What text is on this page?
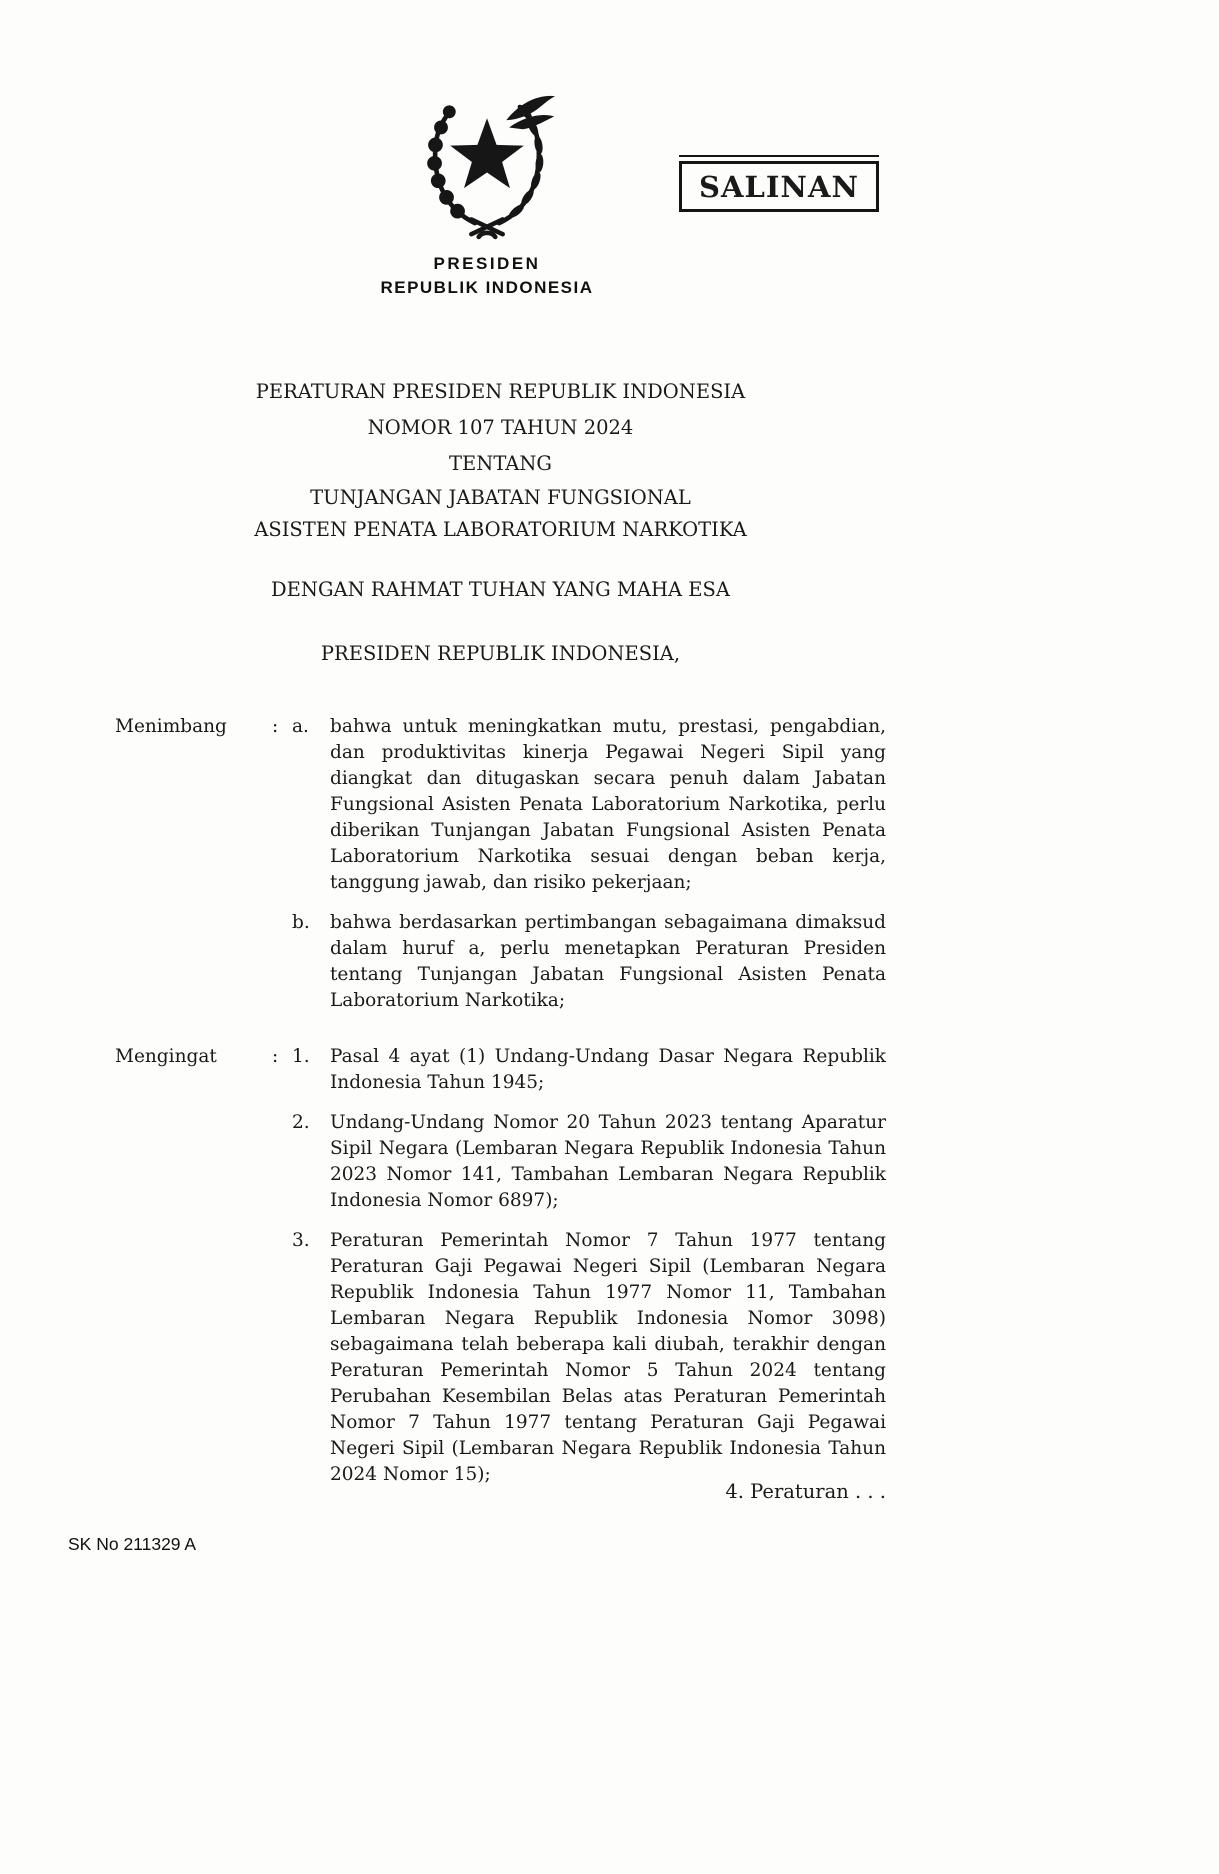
SALINAN
PRESIDEN
REPUBLIK INDONESIA
PERATURAN PRESIDEN REPUBLIK INDONESIA
NOMOR 107 TAHUN 2024
TENTANG
TUNJANGAN JABATAN FUNGSIONAL
ASISTEN PENATA LABORATORIUM NARKOTIKA
DENGAN RAHMAT TUHAN YANG MAHA ESA
PRESIDEN REPUBLIK INDONESIA,
Menimbang	: a.	bahwa untuk meningkatkan mutu, prestasi, pengabdian, dan produktivitas kinerja Pegawai Negeri Sipil yang diangkat dan ditugaskan secara penuh dalam Jabatan Fungsional Asisten Penata Laboratorium Narkotika, perlu diberikan Tunjangan Jabatan Fungsional Asisten Penata Laboratorium Narkotika sesuai dengan beban kerja, tanggung jawab, dan risiko pekerjaan;
b.	bahwa berdasarkan pertimbangan sebagaimana dimaksud dalam huruf a, perlu menetapkan Peraturan Presiden tentang Tunjangan Jabatan Fungsional Asisten Penata Laboratorium Narkotika;
Mengingat	: 1.	Pasal 4 ayat (1) Undang-Undang Dasar Negara Republik Indonesia Tahun 1945;
2.	Undang-Undang Nomor 20 Tahun 2023 tentang Aparatur Sipil Negara (Lembaran Negara Republik Indonesia Tahun 2023 Nomor 141, Tambahan Lembaran Negara Republik Indonesia Nomor 6897);
3.	Peraturan Pemerintah Nomor 7 Tahun 1977 tentang Peraturan Gaji Pegawai Negeri Sipil (Lembaran Negara Republik Indonesia Tahun 1977 Nomor 11, Tambahan Lembaran Negara Republik Indonesia Nomor 3098) sebagaimana telah beberapa kali diubah, terakhir dengan Peraturan Pemerintah Nomor 5 Tahun 2024 tentang Perubahan Kesembilan Belas atas Peraturan Pemerintah Nomor 7 Tahun 1977 tentang Peraturan Gaji Pegawai Negeri Sipil (Lembaran Negara Republik Indonesia Tahun 2024 Nomor 15);
4. Peraturan . . .
SK No 211329 A
